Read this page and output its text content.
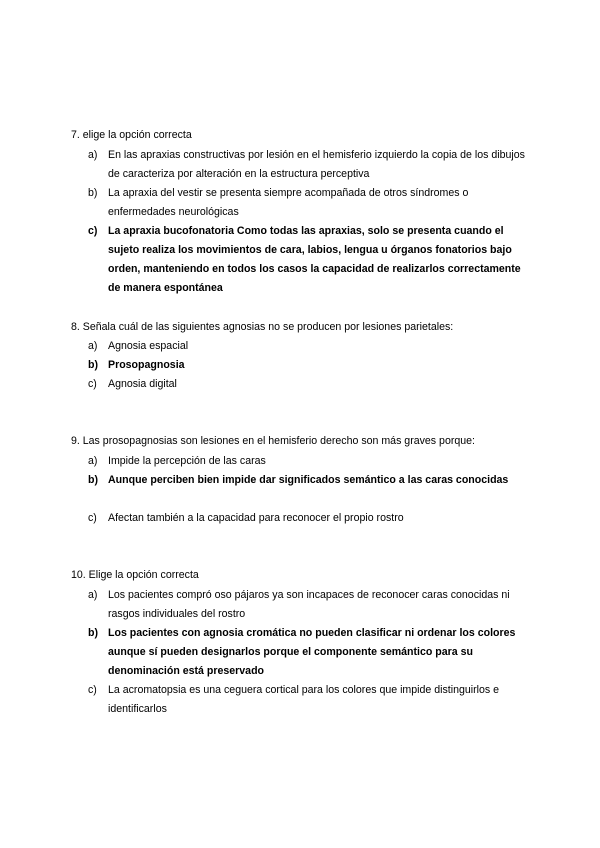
7. elige la opción correcta
a) En las apraxias constructivas por lesión en el hemisferio izquierdo la copia de los dibujos de caracteriza por alteración en la estructura perceptiva
b) La apraxia del vestir se presenta siempre acompañada de otros síndromes o enfermedades neurológicas
c) La apraxia bucofonatoria Como todas las apraxias, solo se presenta cuando el sujeto realiza los movimientos de cara, labios, lengua u órganos fonatorios bajo orden, manteniendo en todos los casos la capacidad de realizarlos correctamente de manera espontánea
8. Señala cuál de las siguientes agnosias no se producen por lesiones parietales:
a) Agnosia espacial
b) Prosopagnosia
c)	Agnosia digital
9. Las prosopagnosias son lesiones en el hemisferio derecho son más graves porque:
a) Impide la percepción de las caras
b) Aunque perciben bien impide dar significados semántico a las caras conocidas
c)	Afectan también a la capacidad para reconocer el propio rostro
10. Elige la opción correcta
a) Los pacientes compró oso pájaros ya son incapaces de reconocer caras conocidas ni rasgos individuales del rostro
b) Los pacientes con agnosia cromática no pueden clasificar ni ordenar los colores aunque sí pueden designarlos porque el componente semántico para su denominación está preservado
c)	La acromatopsia es una ceguera cortical para los colores que impide distinguirlos e identificarlos
